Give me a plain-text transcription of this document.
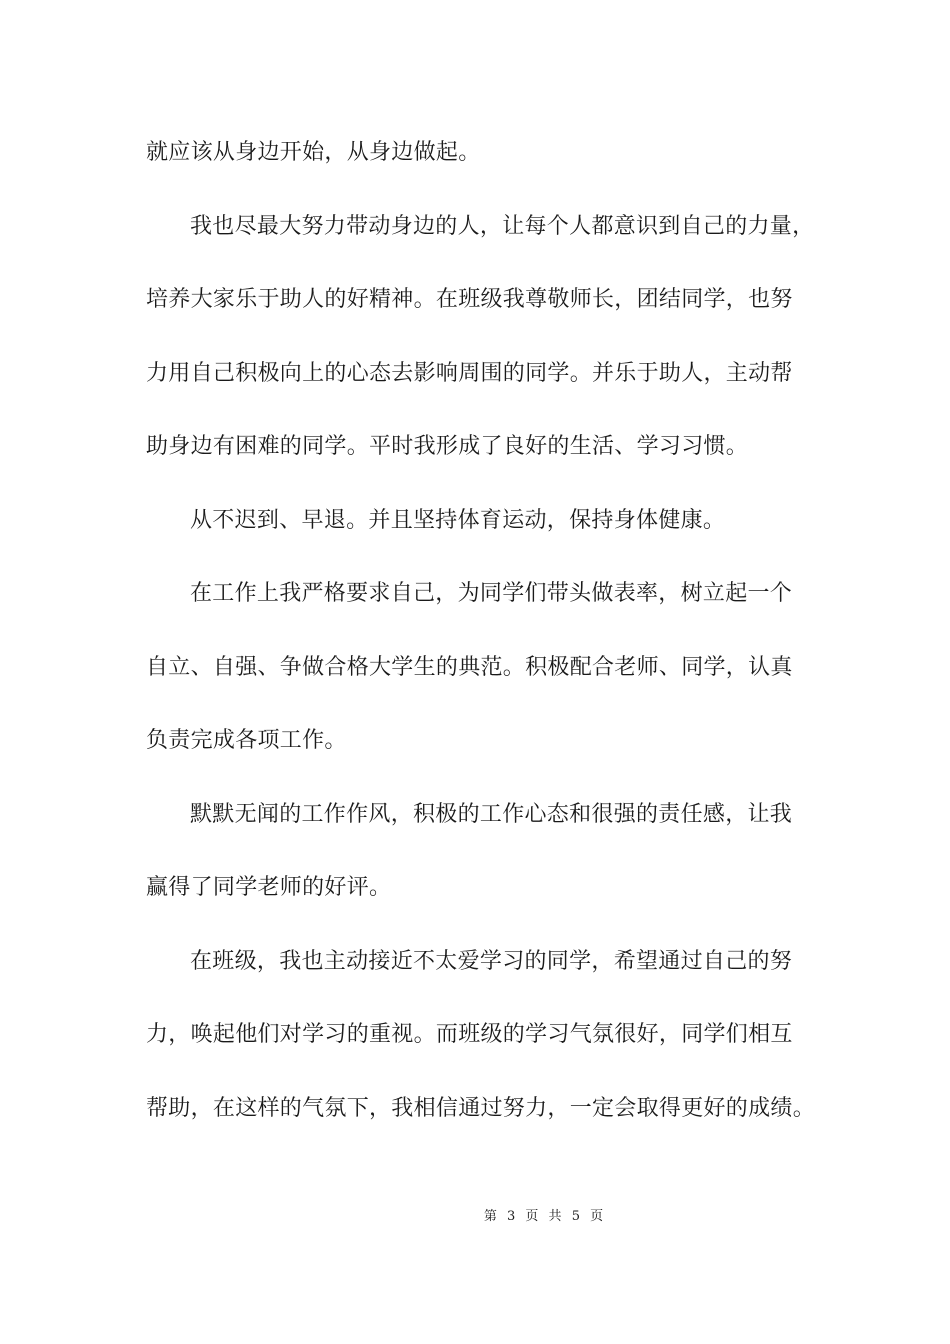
就应该从身边开始，从身边做起。
我也尽最大努力带动身边的人，让每个人都意识到自己的力量，
培养大家乐于助人的好精神。在班级我尊敬师长，团结同学，也努
力用自己积极向上的心态去影响周围的同学。并乐于助人，主动帮
助身边有困难的同学。平时我形成了良好的生活、学习习惯。
从不迟到、早退。并且坚持体育运动，保持身体健康。
在工作上我严格要求自己，为同学们带头做表率，树立起一个
自立、自强、争做合格大学生的典范。积极配合老师、同学，认真
负责完成各项工作。
默默无闻的工作作风，积极的工作心态和很强的责任感，让我
赢得了同学老师的好评。
在班级，我也主动接近不太爱学习的同学，希望通过自己的努
力，唤起他们对学习的重视。而班级的学习气氛很好，同学们相互
帮助，在这样的气氛下，我相信通过努力，一定会取得更好的成绩。
第 3 页 共 5 页
